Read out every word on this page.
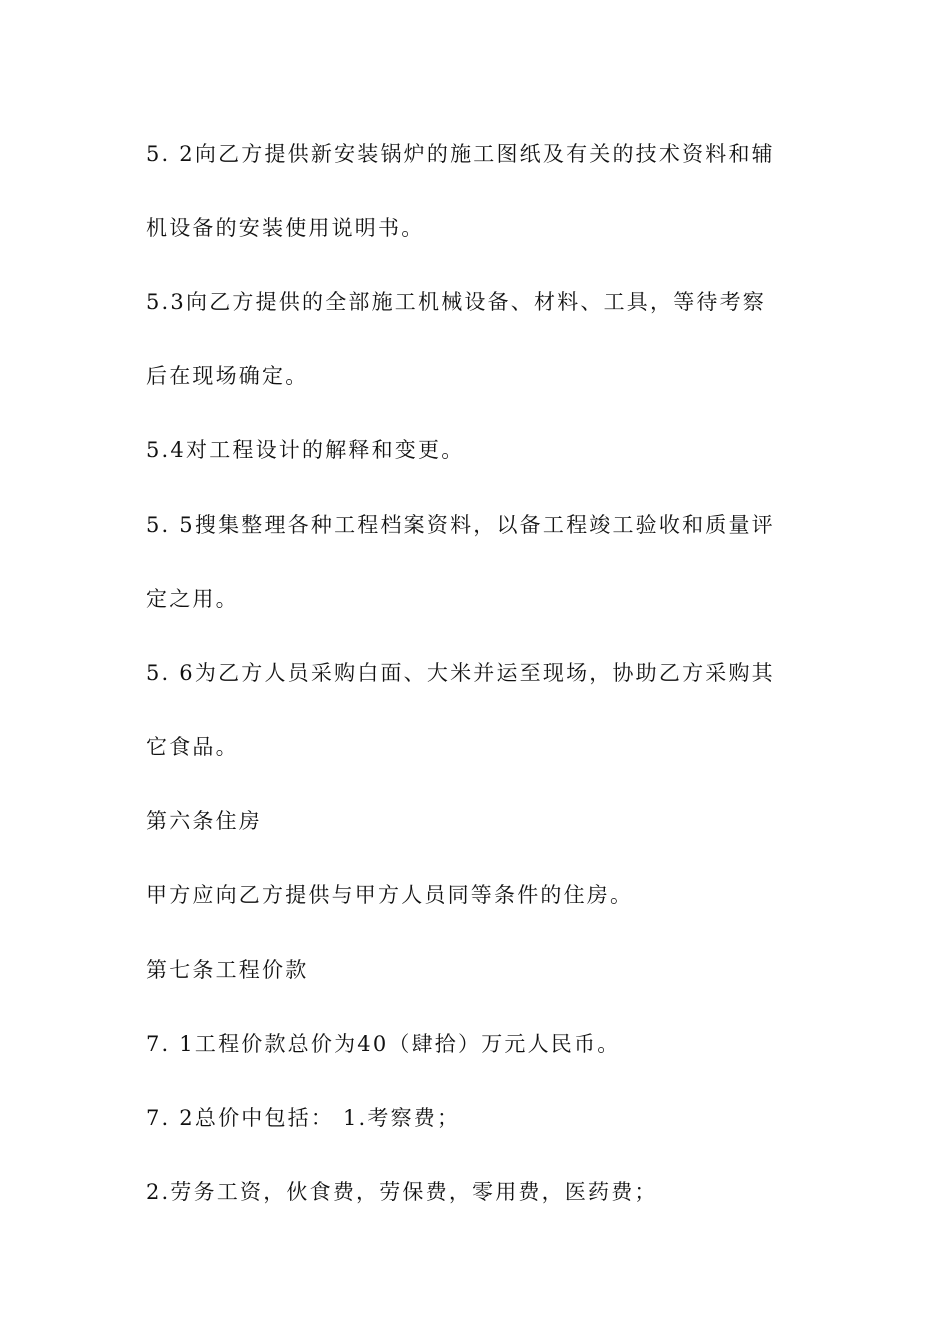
5. 2向乙方提供新安装锅炉的施工图纸及有关的技术资料和辅
机设备的安装使用说明书。
5.3向乙方提供的全部施工机械设备、材料、工具，等待考察
后在现场确定。
5.4对工程设计的解释和变更。
5. 5搜集整理各种工程档案资料，以备工程竣工验收和质量评
定之用。
5. 6为乙方人员采购白面、大米并运至现场，协助乙方采购其
它食品。
第六条住房
甲方应向乙方提供与甲方人员同等条件的住房。
第七条工程价款
7. 1工程价款总价为40（肆拾）万元人民币。
7. 2总价中包括： 1.考察费；
2.劳务工资，伙食费，劳保费，零用费，医药费；
